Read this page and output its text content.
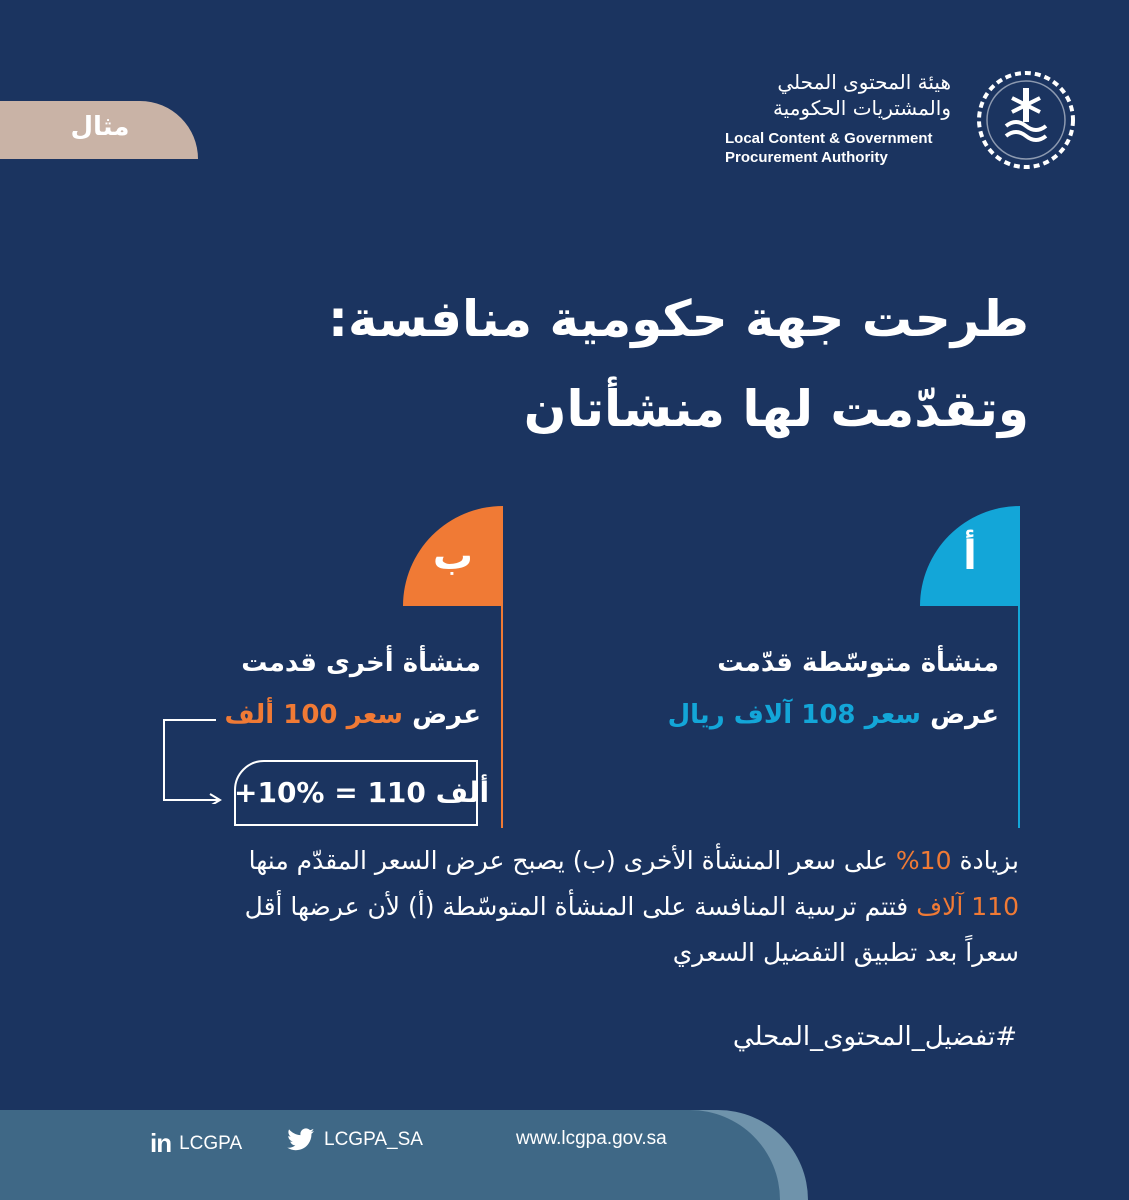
مثال
هيئة المحتوى المحلي
والمشتريات الحكومية
Local Content & Government
Procurement Authority
طرحت جهة حكومية منافسة:
وتقدّمت لها منشأتان
أ
منشأة متوسّطة قدّمت
عرض سعر 108 آلاف ريال
ب
منشأة أخرى قدمت
عرض سعر 100 ألف
+10% = 110 ألف
بزيادة 10% على سعر المنشأة الأخرى (ب) يصبح عرض السعر المقدّم منها
110 آلاف فتتم ترسية المنافسة على المنشأة المتوسّطة (أ) لأن عرضها أقل
سعراً بعد تطبيق التفضيل السعري
#تفضيل_المحتوى_المحلي
in LCGPA	LCGPA_SA	www.lcgpa.gov.sa
